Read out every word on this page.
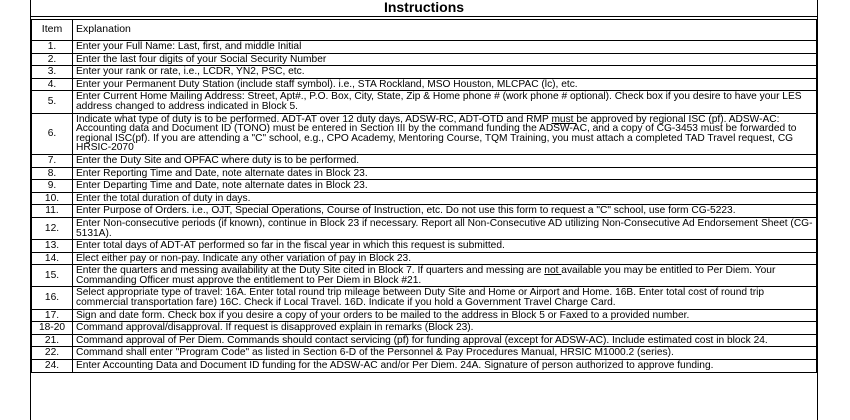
Instructions
Item	Explanation
1.	Enter your Full Name: Last, first, and middle Initial
2.	Enter the last four digits of your Social Security Number
3.	Enter your rank or rate, i.e., LCDR, YN2, PSC, etc.
4.	Enter your Permanent Duty Station (include staff symbol). i.e., STA Rockland, MSO Houston, MLCPAC (lc), etc.
5.	Enter Current Home Mailing Address: Street, Apt#., P.O. Box, City, State, Zip & Home phone # (work phone # optional). Check box if you desire to have your LES address changed to address indicated in Block 5.
6.	Indicate what type of duty is to be performed. ADT-AT over 12 duty days, ADSW-RC, ADT-OTD and RMP must be approved by regional ISC (pf). ADSW-AC: Accounting data and Document ID (TONO) must be entered in Section III by the command funding the ADSW-AC, and a copy of CG-3453 must be forwarded to regional ISC(pf). If you are attending a "C" school, e.g., CPO Academy, Mentoring Course, TQM Training, you must attach a completed TAD Travel request, CG HRSIC-2070
7.	Enter the Duty Site and OPFAC where duty is to be performed.
8.	Enter Reporting Time and Date, note alternate dates in Block 23.
9.	Enter Departing Time and Date, note alternate dates in Block 23.
10.	Enter the total duration of duty in days.
11.	Enter Purpose of Orders. i.e., OJT, Special Operations, Course of Instruction, etc. Do not use this form to request a "C" school, use form CG-5223.
12.	Enter Non-consecutive periods (if known), continue in Block 23 if necessary. Report all Non-Consecutive AD utilizing Non-Consecutive Ad Endorsement Sheet (CG-5131A).
13.	Enter total days of ADT-AT performed so far in the fiscal year in which this request is submitted.
14.	Elect either pay or non-pay. Indicate any other variation of pay in Block 23.
15.	Enter the quarters and messing availability at the Duty Site cited in Block 7. If quarters and messing are not available you may be entitled to Per Diem. Your Commanding Officer must approve the entitlement to Per Diem in Block #21.
16.	Select appropriate type of travel: 16A. Enter total round trip mileage between Duty Site and Home or Airport and Home. 16B. Enter total cost of round trip commercial transportation fare) 16C. Check if Local Travel. 16D. Indicate if you hold a Government Travel Charge Card.
17.	Sign and date form. Check box if you desire a copy of your orders to be mailed to the address in Block 5 or Faxed to a provided number.
18-20	Command approval/disapproval. If request is disapproved explain in remarks (Block 23).
21.	Command approval of Per Diem. Commands should contact servicing (pf) for funding approval (except for ADSW-AC). Include estimated cost in block 24.
22.	Command shall enter "Program Code" as listed in Section 6-D of the Personnel & Pay Procedures Manual, HRSIC M1000.2 (series).
24.	Enter Accounting Data and Document ID funding for the ADSW-AC and/or Per Diem. 24A. Signature of person authorized to approve funding.
